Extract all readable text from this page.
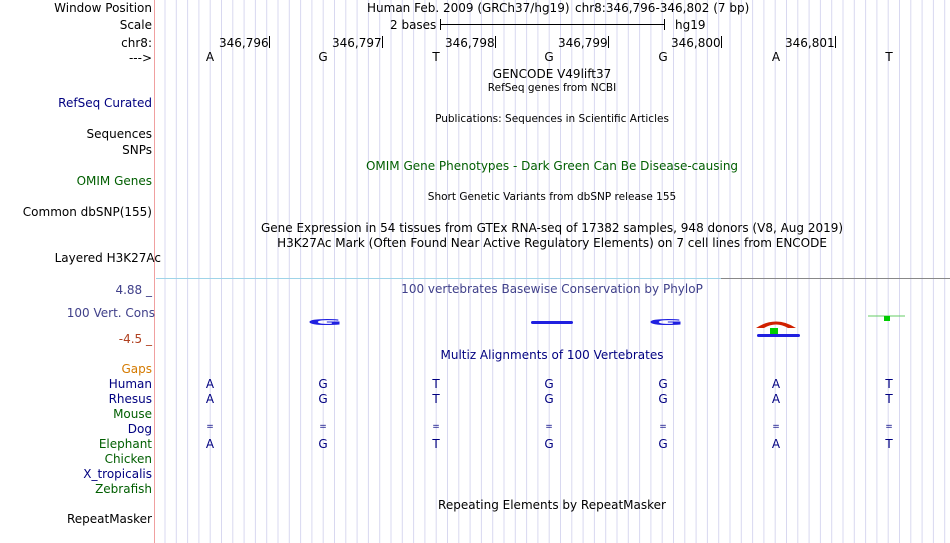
Window Position	Human Feb. 2009 (GRCh37/hg19) chr8:346,796-346,802 (7 bp)
Scale	2 bases	hg19
chr8:	346,796	346,797	346,798	346,799	346,800	346,801
--->	A	G	T	G	G	A	T
GENCODE V49lift37
RefSeq genes from NCBI
RefSeq Curated
Publications: Sequences in Scientific Articles
Sequences
SNPs
OMIM Gene Phenotypes - Dark Green Can Be Disease-causing
OMIM Genes
Short Genetic Variants from dbSNP release 155
Common dbSNP(155)
Gene Expression in 54 tissues from GTEx RNA-seq of 17382 samples, 948 donors (V8, Aug 2019)
H3K27Ac Mark (Often Found Near Active Regulatory Elements) on 7 cell lines from ENCODE
Layered H3K27Ac
4.88 _	100 vertebrates Basewise Conservation by PhyloP
100 Vert. Cons
-4.5 _
G	G
Multiz Alignments of 100 Vertebrates
Gaps
Human	A	G	T	G	G	A	T
Rhesus	A	G	T	G	G	A	T
Mouse
Dog	=	=	=	=	=	=	=
Elephant	A	G	T	G	G	A	T
Chicken
X_tropicalis
Zebrafish
Repeating Elements by RepeatMasker
RepeatMasker
